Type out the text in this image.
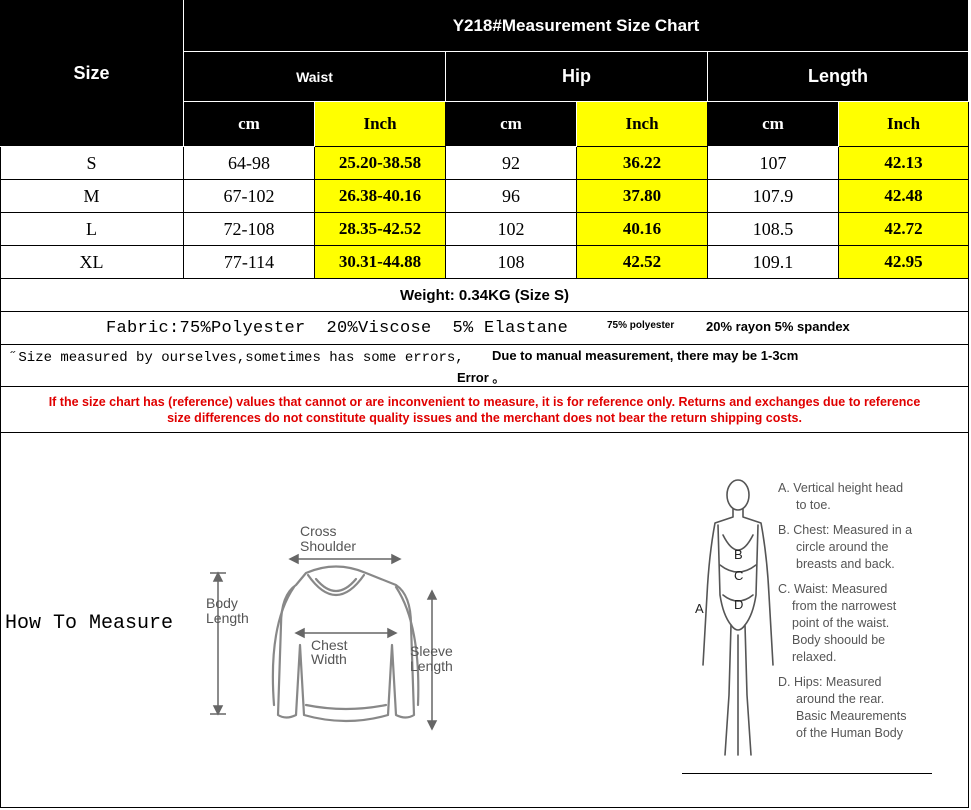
Size
Y218#Measurement Size Chart
Waist	Hip	Length
cm	Inch	cm	Inch	cm	Inch
S	64-98	25.20-38.58	92	36.22	107	42.13
M	67-102	26.38-40.16	96	37.80	107.9	42.48
L	72-108	28.35-42.52	102	40.16	108.5	42.72
XL	77-114	30.31-44.88	108	42.52	109.1	42.95
Weight: 0.34KG (Size S)
Fabric:75%Polyester  20%Viscose  5% Elastane	75% polyester 20% rayon 5% spandex
˝Size measured by ourselves,sometimes has some errors, Due to manual measurement, there may be 1-3cm
Error 。
If the size chart has (reference) values that cannot or are inconvenient to measure, it is for reference only. Returns and exchanges due to reference size differences do not constitute quality issues and the merchant does not bear the return shipping costs.
How To Measure
Cross
Shoulder
Body
Length
Chest
Width	Sleeve
Length
B
C
D
A
A. Vertical height head
to toe.
B. Chest: Measured in a
circle around the
breasts and back.
C. Waist: Measured
from the narrowest
point of the waist.
Body shoould be
relaxed.
D. Hips: Measured
around the rear.
Basic Meaurements
of the Human Body
